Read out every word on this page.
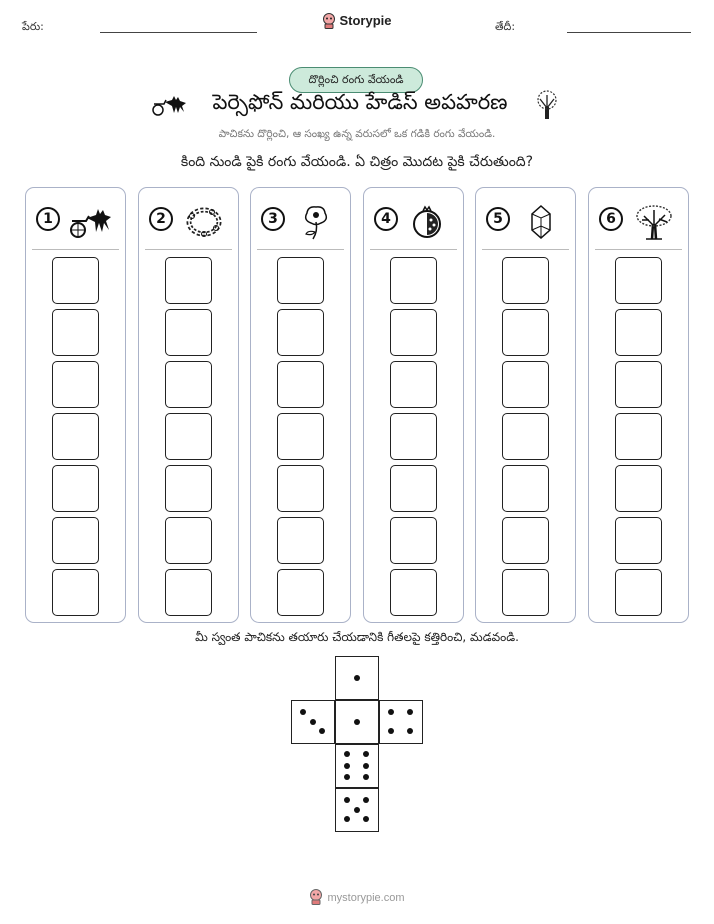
పేరు:	Storypie	తేదీ:
దొర్లించి రంగు వేయండి
పెర్సెఫోన్ మరియు హేడిస్ అపహరణ
పాచికను దొర్లించి, ఆ సంఖ్య ఉన్న వరుసలో ఒక గడికి రంగు వేయండి.
కింది నుండి పైకి రంగు వేయండి. ఏ చిత్రం మొదట పైకి చేరుతుంది?
1	2	3	4	5	6
మీ స్వంత పాచికను తయారు చేయడానికి గీతలపై కత్తిరించి, మడవండి.
mystorypie.com
